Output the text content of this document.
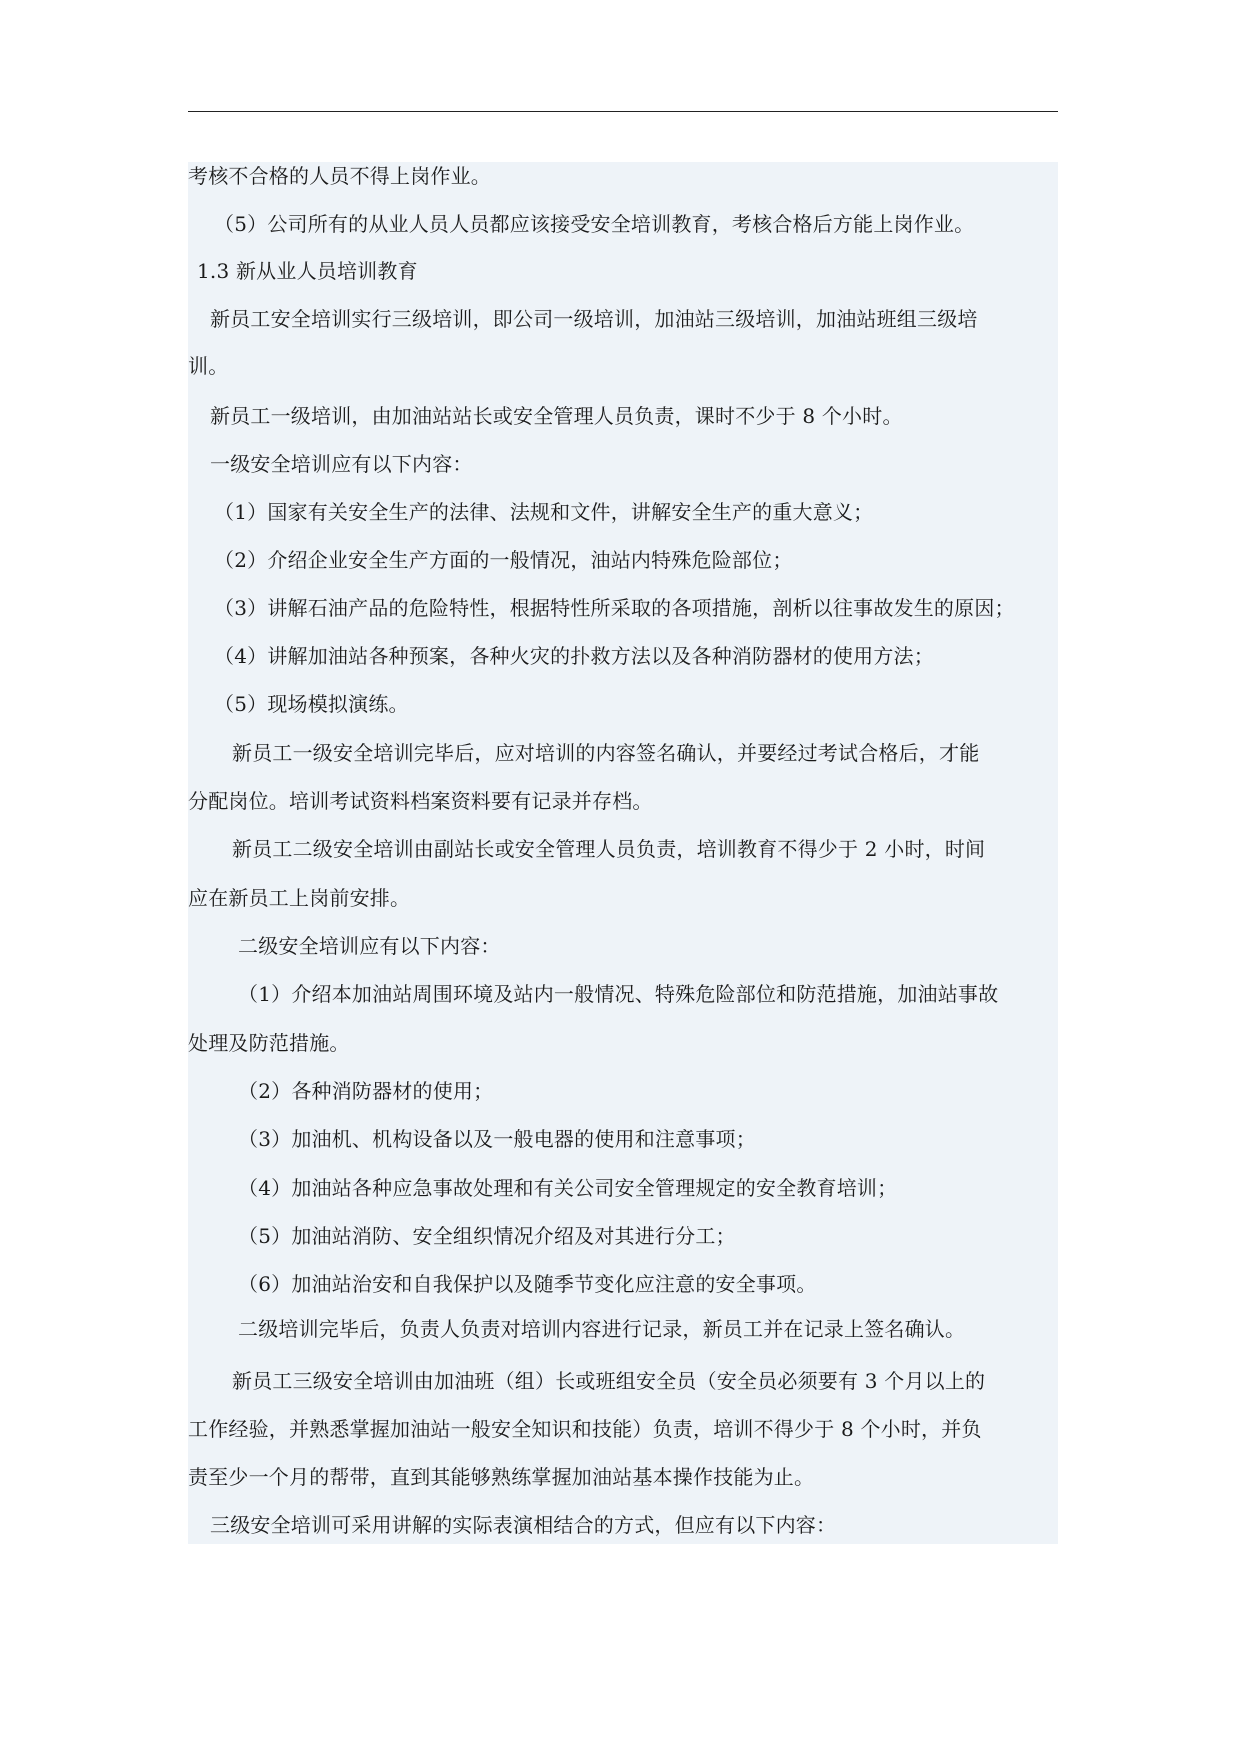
考核不合格的人员不得上岗作业。
（5）公司所有的从业人员人员都应该接受安全培训教育，考核合格后方能上岗作业。
1.3 新从业人员培训教育
新员工安全培训实行三级培训，即公司一级培训，加油站三级培训，加油站班组三级培
训。
新员工一级培训，由加油站站长或安全管理人员负责，课时不少于 8 个小时。
一级安全培训应有以下内容：
（1）国家有关安全生产的法律、法规和文件，讲解安全生产的重大意义；
（2）介绍企业安全生产方面的一般情况，油站内特殊危险部位；
（3）讲解石油产品的危险特性，根据特性所采取的各项措施，剖析以往事故发生的原因；
（4）讲解加油站各种预案，各种火灾的扑救方法以及各种消防器材的使用方法；
（5）现场模拟演练。
新员工一级安全培训完毕后，应对培训的内容签名确认，并要经过考试合格后，才能
分配岗位。培训考试资料档案资料要有记录并存档。
新员工二级安全培训由副站长或安全管理人员负责，培训教育不得少于 2 小时，时间
应在新员工上岗前安排。
二级安全培训应有以下内容：
（1）介绍本加油站周围环境及站内一般情况、特殊危险部位和防范措施，加油站事故
处理及防范措施。
（2）各种消防器材的使用；
（3）加油机、机构设备以及一般电器的使用和注意事项；
（4）加油站各种应急事故处理和有关公司安全管理规定的安全教育培训；
（5）加油站消防、安全组织情况介绍及对其进行分工；
（6）加油站治安和自我保护以及随季节变化应注意的安全事项。
二级培训完毕后，负责人负责对培训内容进行记录，新员工并在记录上签名确认。
新员工三级安全培训由加油班（组）长或班组安全员（安全员必须要有 3 个月以上的
工作经验，并熟悉掌握加油站一般安全知识和技能）负责，培训不得少于 8 个小时，并负
责至少一个月的帮带，直到其能够熟练掌握加油站基本操作技能为止。
三级安全培训可采用讲解的实际表演相结合的方式，但应有以下内容：
